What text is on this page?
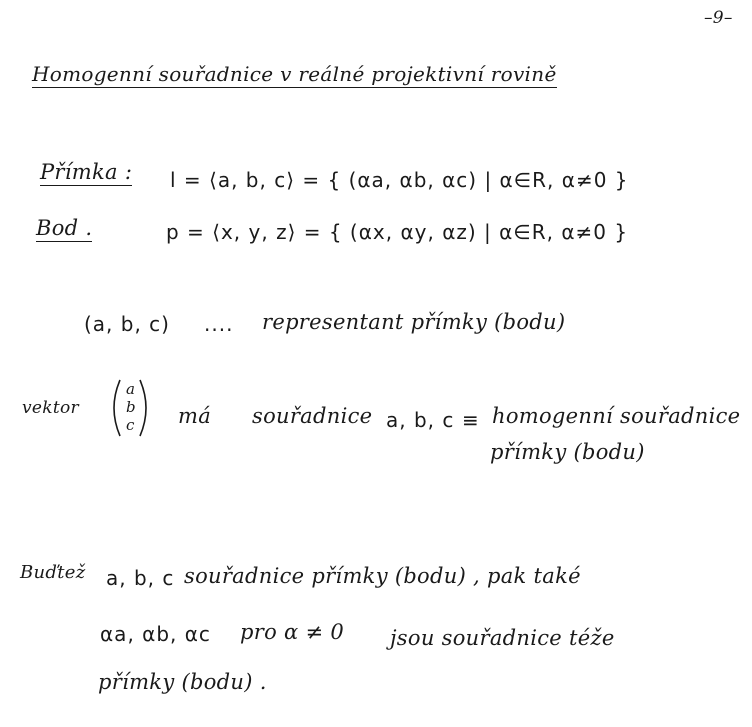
–9–
Homogenní souřadnice v reálné projektivní rovině
Přímka : l = ⟨a, b, c⟩ = { (αa, αb, αc) | α∈R, α≠0 }
Bod .	p = ⟨x, y, z⟩ = { (αx, αy, αz) | α∈R, α≠0 }
(a, b, c) .... representant přímky (bodu)
vektor
a
b
c má souřadnice a, b, c ≡ homogenní souřadnice
přímky (bodu)
Buďtež a, b, c souřadnice přímky (bodu) , pak také
αa, αb, αc pro α ≠ 0 jsou souřadnice téže
přímky (bodu) .
